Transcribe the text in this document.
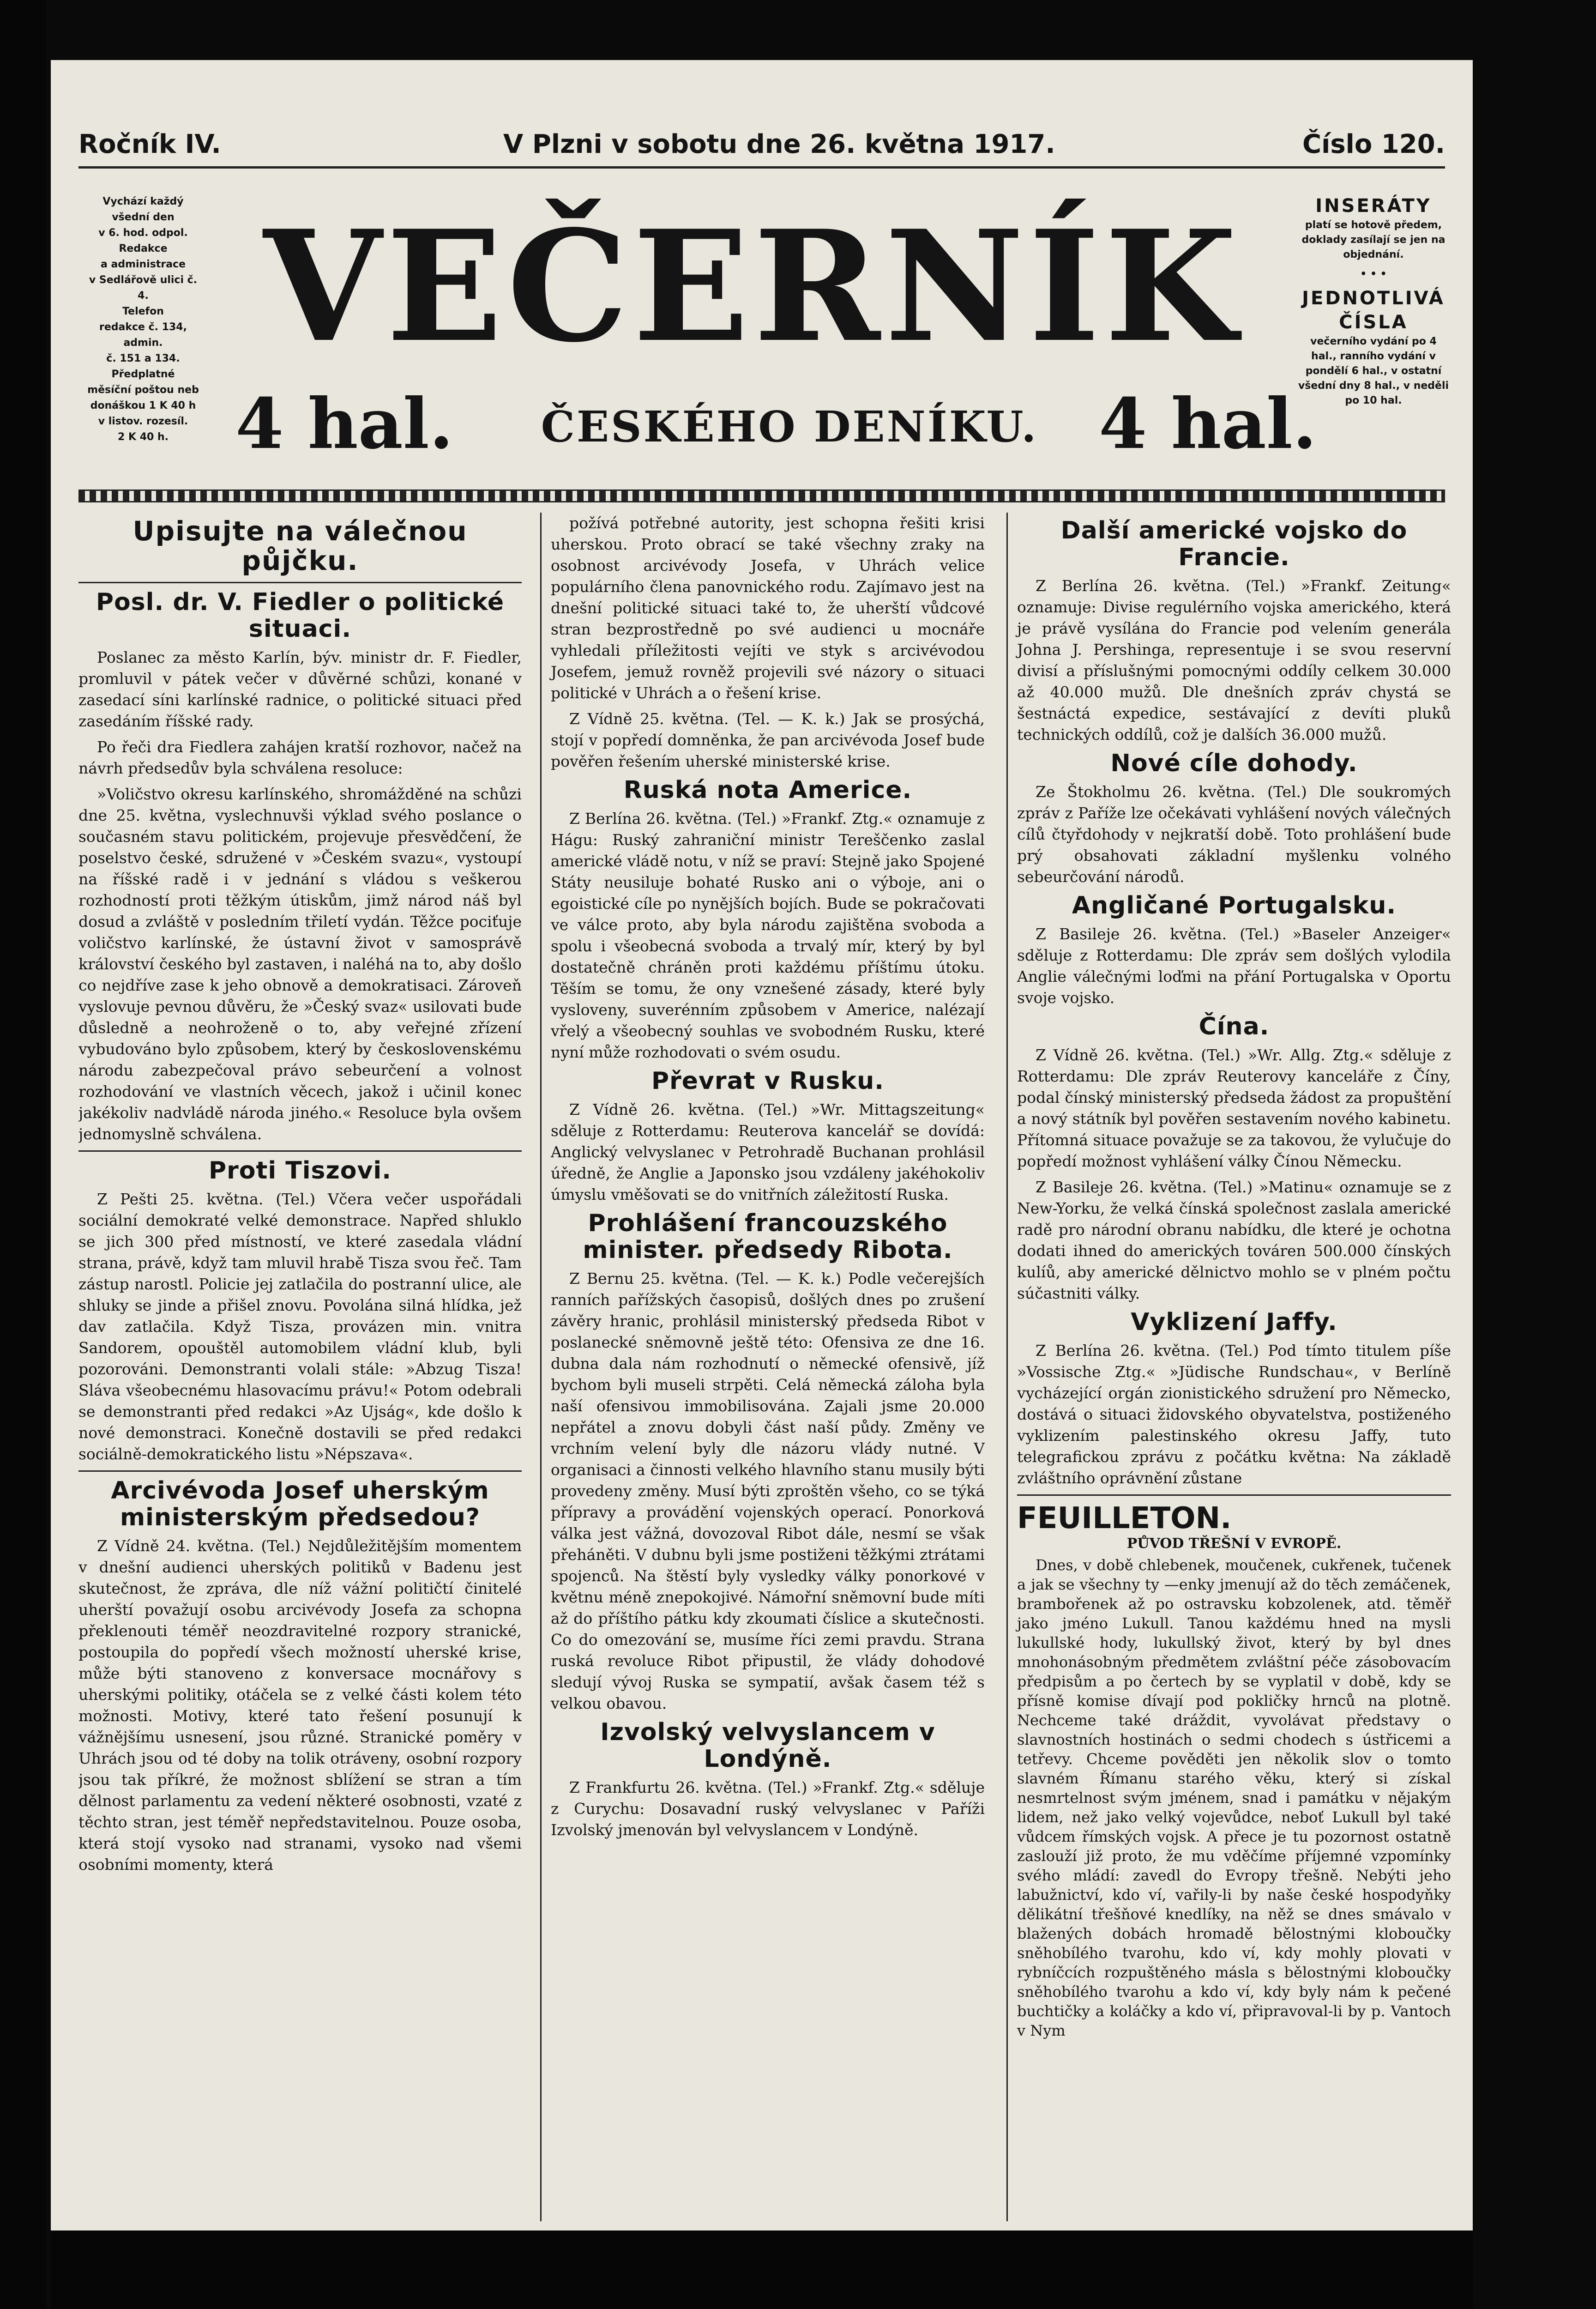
Ročník IV.	V Plzni v sobotu dne 26. května 1917.	Číslo 120.
Vychází každý
všední den
v 6. hod. odpol.
Redakce
a administrace
v Sedlářově ulici č. 4.
Telefon
redakce č. 134, admin.
č. 151 a 134.
Předplatné
měsíční poštou neb
donáškou 1 K 40 h
v listov. rozesíl.
2 K 40 h.
VEČERNÍK
4 hal.	ČESKÉHO DENÍKU. 4 hal.
INSERÁTY
platí se hotově předem, doklady zasílají se jen na objednání.
• • •
JEDNOTLIVÁ ČÍSLA
večerního vydání po 4 hal., ranního vydání v pondělí 6 hal., v ostatní všední dny 8 hal., v neděli po 10 hal.
Upisujte na válečnou půjčku.
Posl. dr. V. Fiedler o politické situaci.

Poslanec za město Karlín, býv. ministr dr. F. Fiedler, promluvil v pátek večer v důvěrné schůzi, konané v zasedací síni karlínské radnice, o politické situaci před zasedáním říšské rady.

Po řeči dra Fiedlera zahájen kratší rozhovor, načež na návrh předsedův byla schválena resoluce:

»Voličstvo okresu karlínského, shromážděné na schůzi dne 25. května, vyslechnuvši výklad svého poslance o současném stavu politickém, projevuje přesvědčení, že poselstvo české, sdružené v »Českém svazu«, vystoupí na říšské radě i v jednání s vládou s veškerou rozhodností proti těžkým útiskům, jimž národ náš byl dosud a zvláště v posledním třiletí vydán. Těžce pociťuje voličstvo karlínské, že ústavní život v samosprávě království českého byl zastaven, i naléhá na to, aby došlo co nejdříve zase k jeho obnově a demokratisaci. Zároveň vyslovuje pevnou důvěru, že »Český svaz« usilovati bude důsledně a neohroženě o to, aby veřejné zřízení vybudováno bylo způsobem, který by československému národu zabezpečoval právo sebeurčení a volnost rozhodování ve vlastních věcech, jakož i učinil konec jakékoliv nadvládě národa jiného.« Resoluce byla ovšem jednomyslně schválena.

Proti Tiszovi.

Z Pešti 25. května. (Tel.) Včera večer uspořádali sociální demokraté velké demonstrace. Napřed shluklo se jich 300 před místností, ve které zasedala vládní strana, právě, když tam mluvil hrabě Tisza svou řeč. Tam zástup narostl. Policie jej zatlačila do postranní ulice, ale shluky se jinde a přišel znovu. Povolána silná hlídka, jež dav zatlačila. Když Tisza, provázen min. vnitra Sandorem, opouštěl automobilem vládní klub, byli pozorováni. Demonstranti volali stále: »Abzug Tisza! Sláva všeobecnému hlasovacímu právu!« Potom odebrali se demonstranti před redakci »Az Ujság«, kde došlo k nové demonstraci. Konečně dostavili se před redakci sociálně-demokratického listu »Népszava«.

Arcivévoda Josef uherským ministerským předsedou?

Z Vídně 24. května. (Tel.) Nejdůležitějším momentem v dnešní audienci uherských politiků v Badenu jest skutečnost, že zpráva, dle níž vážní političtí činitelé uherští považují osobu arcivévody Josefa za schopna překlenouti téměř neozdravitelné rozpory stranické, postoupila do popředí všech možností uherské krise, může býti stanoveno z konversace mocnářovy s uherskými politiky, otáčela se z velké části kolem této možnosti. Motivy, které tato řešení posunují k vážnějšímu usnesení, jsou různé. Stranické poměry v Uhrách jsou od té doby na tolik otráveny, osobní rozpory jsou tak příkré, že možnost sblížení se stran a tím dělnost parlamentu za vedení některé osobnosti, vzaté z těchto stran, jest téměř nepředstavitelnou. Pouze osoba, která stojí vysoko nad stranami, vysoko nad všemi osobními momenty, která

požívá potřebné autority, jest schopna řešiti krisi uherskou. Proto obrací se také všechny zraky na osobnost arcivévody Josefa, v Uhrách velice populárního člena panovnického rodu. Zajímavo jest na dnešní politické situaci také to, že uherští vůdcové stran bezprostředně po své audienci u mocnáře vyhledali příležitosti vejíti ve styk s arcivévodou Josefem, jemuž rovněž projevili své názory o situaci politické v Uhrách a o řešení krise.

Z Vídně 25. května. (Tel. — K. k.) Jak se prosýchá, stojí v popředí domněnka, že pan arcivévoda Josef bude pověřen řešením uherské ministerské krise.

Ruská nota Americe.

Z Berlína 26. května. (Tel.) »Frankf. Ztg.« oznamuje z Hágu: Ruský zahraniční ministr Tereščenko zaslal americké vládě notu, v níž se praví: Stejně jako Spojené Státy neusiluje bohaté Rusko ani o výboje, ani o egoistické cíle po nynějších bojích. Bude se pokračovati ve válce proto, aby byla národu zajištěna svoboda a spolu i všeobecná svoboda a trvalý mír, který by byl dostatečně chráněn proti každému příštímu útoku. Těším se tomu, že ony vznešené zásady, které byly vysloveny, suverénním způsobem v Americe, nalézají vřelý a všeobecný souhlas ve svobodném Rusku, které nyní může rozhodovati o svém osudu.

Převrat v Rusku.

Z Vídně 26. května. (Tel.) »Wr. Mittagszeitung« sděluje z Rotterdamu: Reuterova kancelář se dovídá: Anglický velvyslanec v Petrohradě Buchanan prohlásil úředně, že Anglie a Japonsko jsou vzdáleny jakéhokoliv úmyslu vměšovati se do vnitřních záležitostí Ruska.

Prohlášení francouzského minister. předsedy Ribota.

Z Bernu 25. května. (Tel. — K. k.) Podle večerejších ranních pařížských časopisů, došlých dnes po zrušení závěry hranic, prohlásil ministerský předseda Ribot v poslanecké sněmovně ještě této: Ofensiva ze dne 16. dubna dala nám rozhodnutí o německé ofensivě, jíž bychom byli museli strpěti. Celá německá záloha byla naší ofensivou immobilisována. Zajali jsme 20.000 nepřátel a znovu dobyli část naší půdy. Změny ve vrchním velení byly dle názoru vlády nutné. V organisaci a činnosti velkého hlavního stanu musily býti provedeny změny. Musí býti zproštěn všeho, co se týká přípravy a provádění vojenských operací. Ponorková válka jest vážná, dovozoval Ribot dále, nesmí se však přeháněti. V dubnu byli jsme postiženi těžkými ztrátami spojenců. Na štěstí byly vysledky války ponorkové v květnu méně znepokojivé. Námořní sněmovní bude míti až do příštího pátku kdy zkoumati číslice a skutečnosti. Co do omezování se, musíme říci zemi pravdu. Strana ruská revoluce Ribot připustil, že vlády dohodové sledují vývoj Ruska se sympatií, avšak časem též s velkou obavou.

Izvolský velvyslancem v Londýně.

Z Frankfurtu 26. května. (Tel.) »Frankf. Ztg.« sděluje z Curychu: Dosavadní ruský velvyslanec v Paříži Izvolský jmenován byl velvyslancem v Londýně.

Další americké vojsko do Francie.

Z Berlína 26. května. (Tel.) »Frankf. Zeitung« oznamuje: Divise regulérního vojska amerického, která je právě vysílána do Francie pod velením generála Johna J. Pershinga, representuje i se svou reservní divisí a příslušnými pomocnými oddíly celkem 30.000 až 40.000 mužů. Dle dnešních zpráv chystá se šestnáctá expedice, sestávající z devíti pluků technických oddílů, což je dalších 36.000 mužů.

Nové cíle dohody.

Ze Štokholmu 26. května. (Tel.) Dle soukromých zpráv z Paříže lze očekávati vyhlášení nových válečných cílů čtyřdohody v nejkratší době. Toto prohlášení bude prý obsahovati základní myšlenku volného sebeurčování národů.

Angličané Portugalsku.

Z Basileje 26. května. (Tel.) »Baseler Anzeiger« sděluje z Rotterdamu: Dle zpráv sem došlých vylodila Anglie válečnými loďmi na přání Portugalska v Oportu svoje vojsko.

Čína.

Z Vídně 26. května. (Tel.) »Wr. Allg. Ztg.« sděluje z Rotterdamu: Dle zpráv Reuterovy kanceláře z Číny, podal čínský ministerský předseda žádost za propuštění a nový státník byl pověřen sestavením nového kabinetu. Přítomná situace považuje se za takovou, že vylučuje do popředí možnost vyhlášení války Čínou Německu.

Z Basileje 26. května. (Tel.) »Matinu« oznamuje se z New-Yorku, že velká čínská společnost zaslala americké radě pro národní obranu nabídku, dle které je ochotna dodati ihned do amerických továren 500.000 čínských kulíů, aby americké dělnictvo mohlo se v plném počtu súčastniti války.

Vyklizení Jaffy.

Z Berlína 26. května. (Tel.) Pod tímto titulem píše »Vossische Ztg.« »Jüdische Rundschau«, v Berlíně vycházející orgán zionistického sdružení pro Německo, dostává o situaci židovského obyvatelstva, postiženého vyklizením palestinského okresu Jaffy, tuto telegrafickou zprávu z počátku května: Na základě zvláštního oprávnění zůstane

FEUILLETON.
PŮVOD TŘEŠNÍ V EVROPĚ.

Dnes, v době chlebenek, moučenek, cukřenek, tučenek a jak se všechny ty —enky jmenují až do těch zemáčenek, brambořenek až po ostravsku kobzolenek, atd. těměř jako jméno Lukull. Tanou každému hned na mysli lukullské hody, lukullský život, který by byl dnes mnohonásobným předmětem zvláštní péče zásobovacím předpisům a po čertech by se vyplatil v době, kdy se přísně komise dívají pod pokličky hrnců na plotně. Nechceme také dráždit, vyvolávat představy o slavnostních hostinách o sedmi chodech s ústřicemi a tetřevy. Chceme pověděti jen několik slov o tomto slavném Římanu starého věku, který si získal nesmrtelnost svým jménem, snad i památku v nějakým lidem, než jako velký vojevůdce, neboť Lukull byl také vůdcem římských vojsk. A přece je tu pozornost ostatně zaslouží již proto, že mu vděčíme příjemné vzpomínky svého mládí: zavedl do Evropy třešně. Nebýti jeho labužnictví, kdo ví, vařily-li by naše české hospodyňky dělikátní třešňové knedlíky, na něž se dnes smávalo v blažených dobách hromadě bělostnými kloboučky sněhobílého tvarohu, kdo ví, kdy mohly plovati v rybníčcích rozpuštěného másla s bělostnými kloboučky sněhobílého tvarohu a kdo ví, kdy byly nám k pečené buchtičky a koláčky a kdo ví, připravoval-li by p. Vantoch v Nym
